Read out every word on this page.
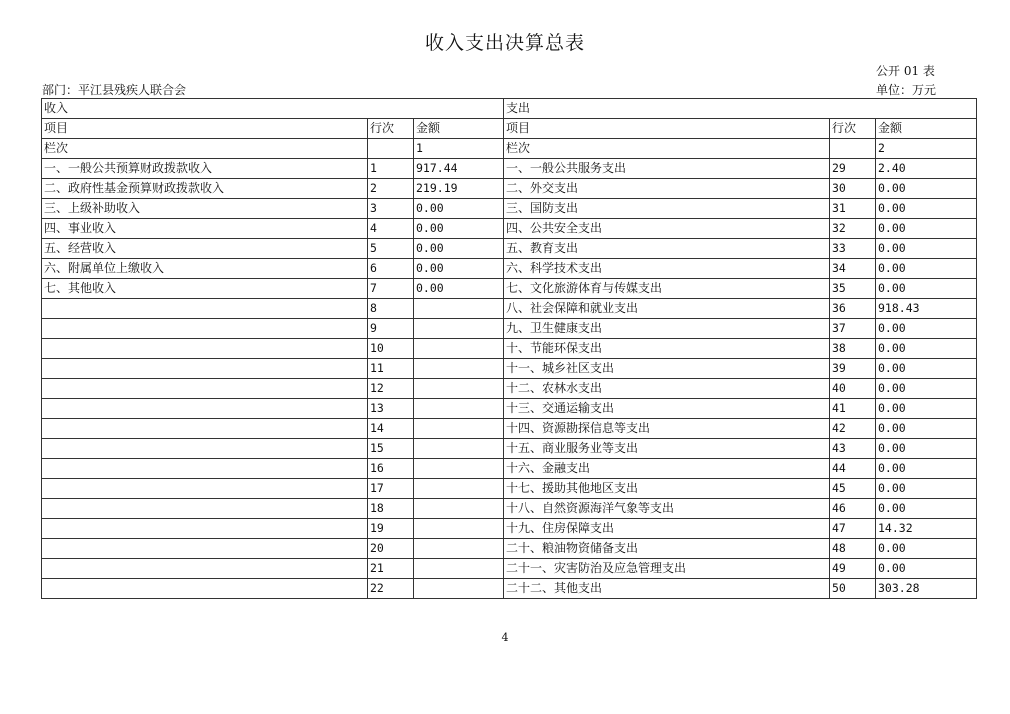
收入支出决算总表
公开 01 表
部门：平江县残疾人联合会	单位：万元
收入			支出		
项目	行次	金额	项目	行次	金额
栏次		1	栏次		2
一、一般公共预算财政拨款收入	1	917.44	一、一般公共服务支出	29	2.40
二、政府性基金预算财政拨款收入	2	219.19	二、外交支出	30	0.00
三、上级补助收入	3	0.00	三、国防支出	31	0.00
四、事业收入	4	0.00	四、公共安全支出	32	0.00
五、经营收入	5	0.00	五、教育支出	33	0.00
六、附属单位上缴收入	6	0.00	六、科学技术支出	34	0.00
七、其他收入	7	0.00	七、文化旅游体育与传媒支出	35	0.00
	8		八、社会保障和就业支出	36	918.43
	9		九、卫生健康支出	37	0.00
	10		十、节能环保支出	38	0.00
	11		十一、城乡社区支出	39	0.00
	12		十二、农林水支出	40	0.00
	13		十三、交通运输支出	41	0.00
	14		十四、资源勘探信息等支出	42	0.00
	15		十五、商业服务业等支出	43	0.00
	16		十六、金融支出	44	0.00
	17		十七、援助其他地区支出	45	0.00
	18		十八、自然资源海洋气象等支出	46	0.00
	19		十九、住房保障支出	47	14.32
	20		二十、粮油物资储备支出	48	0.00
	21		二十一、灾害防治及应急管理支出	49	0.00
	22		二十二、其他支出	50	303.28
4
